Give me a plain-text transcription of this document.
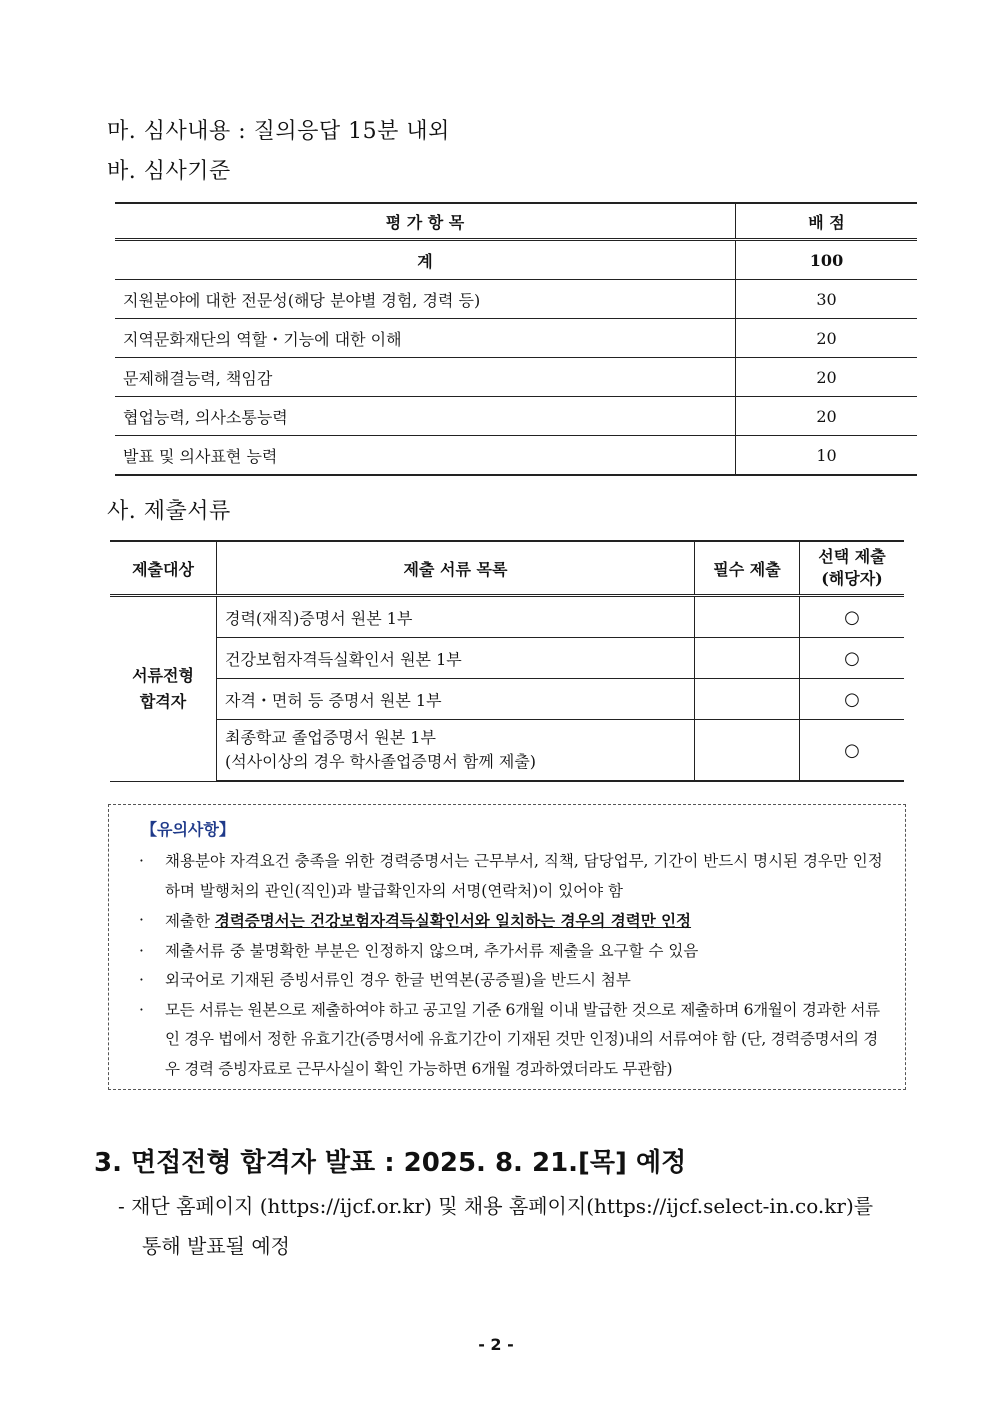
마. 심사내용 : 질의응답 15분 내외
바. 심사기준
평 가 항 목	배 점
계	100
지원분야에 대한 전문성(해당 분야별 경험, 경력 등)	30
지역문화재단의 역할・기능에 대한 이해	20
문제해결능력, 책임감	20
협업능력, 의사소통능력	20
발표 및 의사표현 능력	10
사. 제출서류
제출대상	제출 서류 목록	필수 제출	선택 제출
(해당자)
서류전형
합격자	경력(재직)증명서 원본 1부		○
	건강보험자격득실확인서 원본 1부		○
	자격・면허 등 증명서 원본 1부		○
	최종학교 졸업증명서 원본 1부
(석사이상의 경우 학사졸업증명서 함께 제출)		○
【유의사항】
· 채용분야 자격요건 충족을 위한 경력증명서는 근무부서, 직책, 담당업무, 기간이 반드시 명시된 경우만 인정하며 발행처의 관인(직인)과 발급확인자의 서명(연락처)이 있어야 함
· 제출한 경력증명서는 건강보험자격득실확인서와 일치하는 경우의 경력만 인정
· 제출서류 중 불명확한 부분은 인정하지 않으며, 추가서류 제출을 요구할 수 있음
· 외국어로 기재된 증빙서류인 경우 한글 번역본(공증필)을 반드시 첨부
· 모든 서류는 원본으로 제출하여야 하고 공고일 기준 6개월 이내 발급한 것으로 제출하며 6개월이 경과한 서류인 경우 법에서 정한 유효기간(증명서에 유효기간이 기재된 것만 인정)내의 서류여야 함 (단, 경력증명서의 경우 경력 증빙자료로 근무사실이 확인 가능하면 6개월 경과하였더라도 무관함)
3. 면접전형 합격자 발표 : 2025. 8. 21.[목] 예정
- 재단 홈페이지 (https://ijcf.or.kr) 및 채용 홈페이지(https://ijcf.select-in.co.kr)를
통해 발표될 예정
- 2 -
